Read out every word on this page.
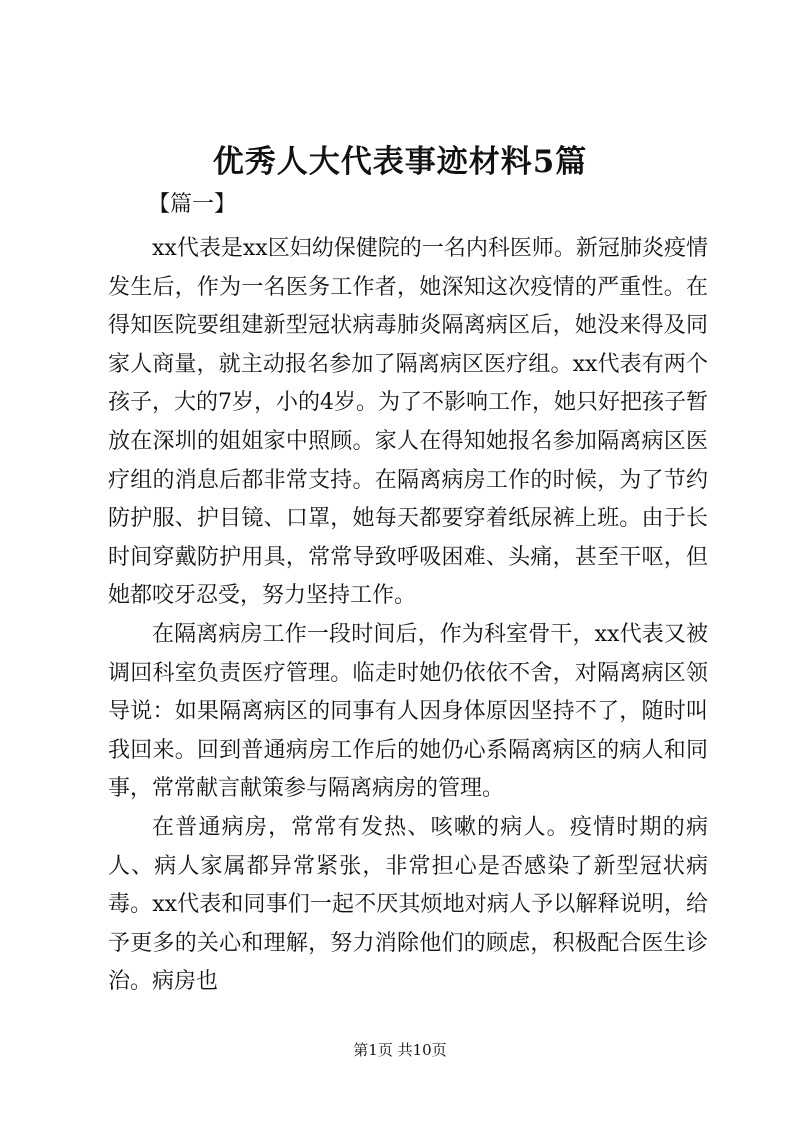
优秀人大代表事迹材料5篇
【篇一】

xx代表是xx区妇幼保健院的一名内科医师。新冠肺炎疫情发生后，作为一名医务工作者，她深知这次疫情的严重性。在得知医院要组建新型冠状病毒肺炎隔离病区后，她没来得及同家人商量，就主动报名参加了隔离病区医疗组。xx代表有两个孩子，大的7岁，小的4岁。为了不影响工作，她只好把孩子暂放在深圳的姐姐家中照顾。家人在得知她报名参加隔离病区医疗组的消息后都非常支持。在隔离病房工作的时候，为了节约防护服、护目镜、口罩，她每天都要穿着纸尿裤上班。由于长时间穿戴防护用具，常常导致呼吸困难、头痛，甚至干呕，但她都咬牙忍受，努力坚持工作。

在隔离病房工作一段时间后，作为科室骨干，xx代表又被调回科室负责医疗管理。临走时她仍依依不舍，对隔离病区领导说：如果隔离病区的同事有人因身体原因坚持不了，随时叫我回来。回到普通病房工作后的她仍心系隔离病区的病人和同事，常常献言献策参与隔离病房的管理。

在普通病房，常常有发热、咳嗽的病人。疫情时期的病人、病人家属都异常紧张，非常担心是否感染了新型冠状病毒。xx代表和同事们一起不厌其烦地对病人予以解释说明，给予更多的关心和理解，努力消除他们的顾虑，积极配合医生诊治。病房也

第1页 共10页
